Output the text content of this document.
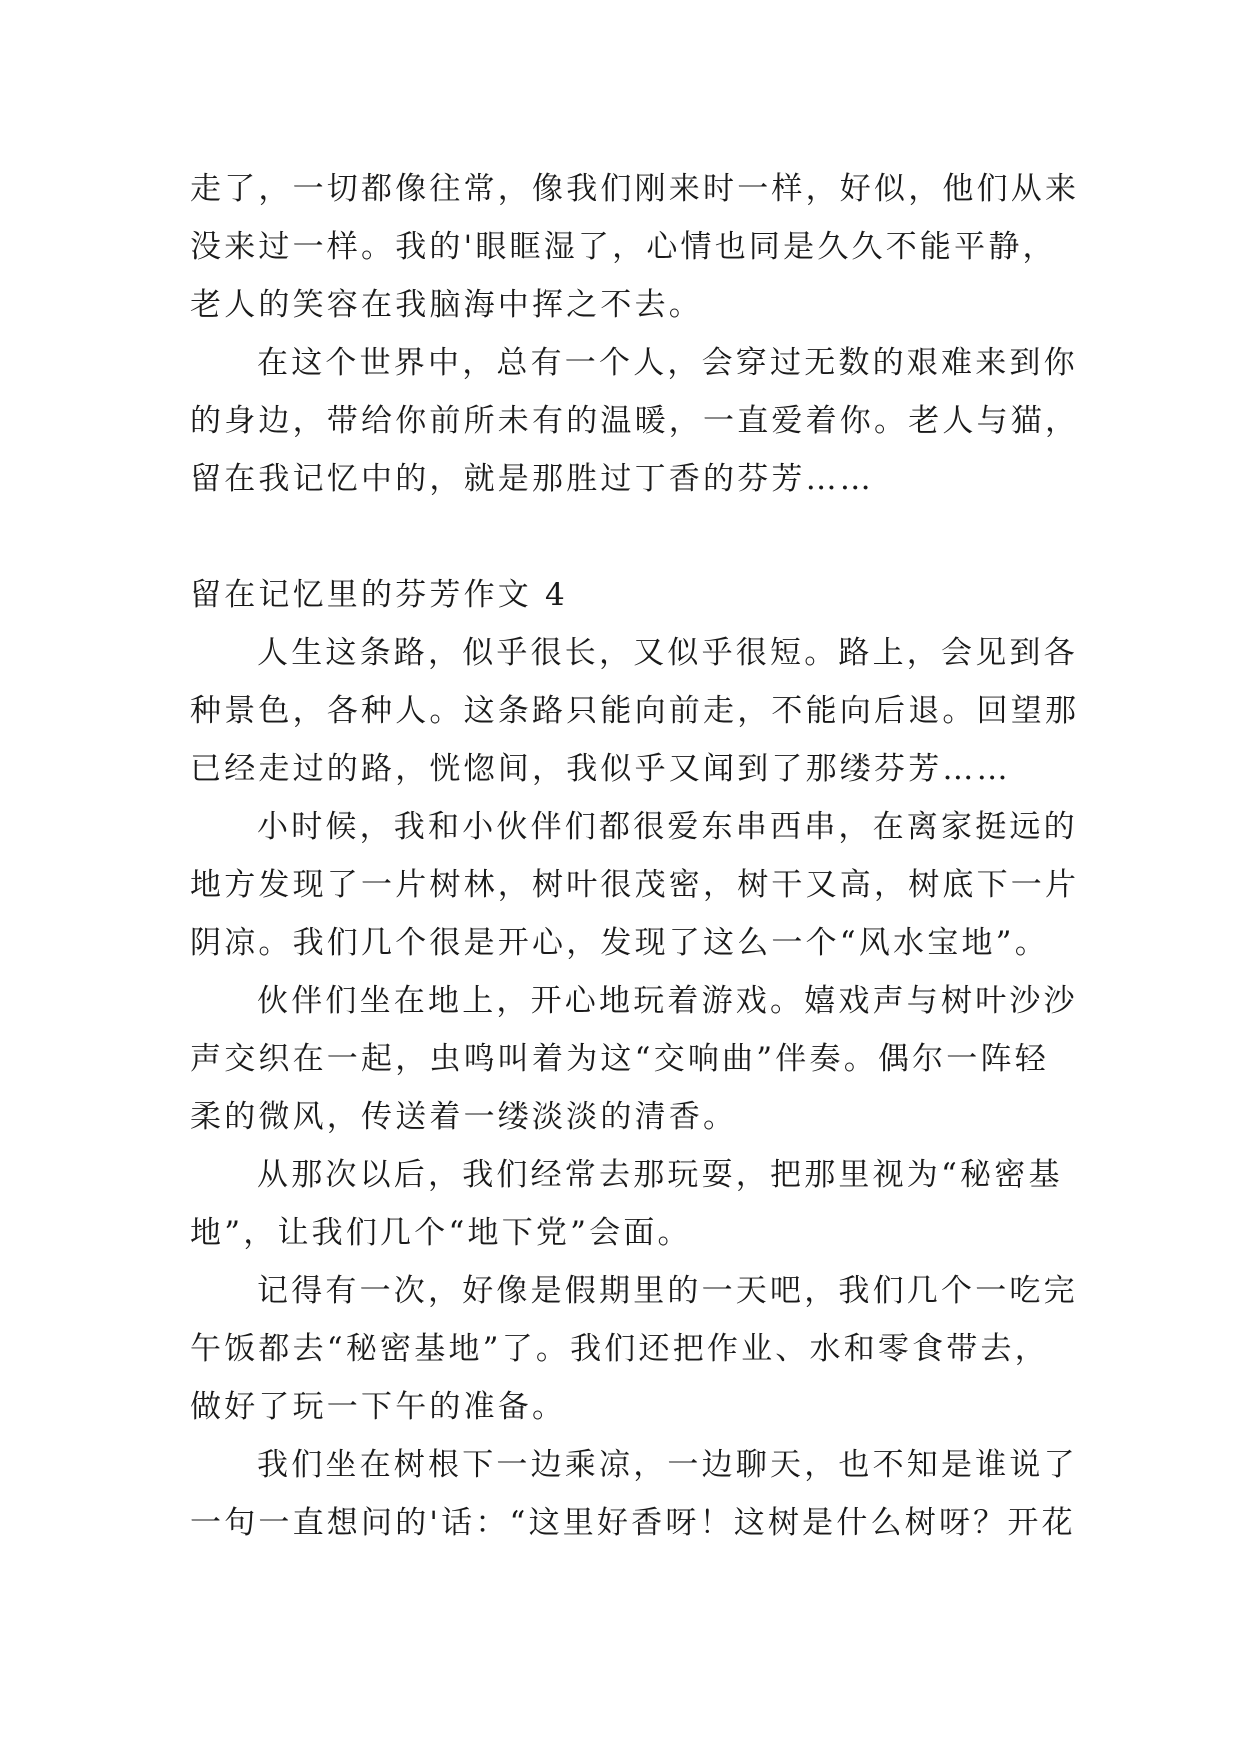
走了，一切都像往常，像我们刚来时一样，好似，他们从来
没来过一样。我的'眼眶湿了，心情也同是久久不能平静，
老人的笑容在我脑海中挥之不去。
在这个世界中，总有一个人，会穿过无数的艰难来到你
的身边，带给你前所未有的温暖，一直爱着你。老人与猫，
留在我记忆中的，就是那胜过丁香的芬芳……
留在记忆里的芬芳作文 4
人生这条路，似乎很长，又似乎很短。路上，会见到各
种景色，各种人。这条路只能向前走，不能向后退。回望那
已经走过的路，恍惚间，我似乎又闻到了那缕芬芳……
小时候，我和小伙伴们都很爱东串西串，在离家挺远的
地方发现了一片树林，树叶很茂密，树干又高，树底下一片
阴凉。我们几个很是开心，发现了这么一个“风水宝地”。
伙伴们坐在地上，开心地玩着游戏。嬉戏声与树叶沙沙
声交织在一起，虫鸣叫着为这“交响曲”伴奏。偶尔一阵轻
柔的微风，传送着一缕淡淡的清香。
从那次以后，我们经常去那玩耍，把那里视为“秘密基
地”，让我们几个“地下党”会面。
记得有一次，好像是假期里的一天吧，我们几个一吃完
午饭都去“秘密基地”了。我们还把作业、水和零食带去，
做好了玩一下午的准备。
我们坐在树根下一边乘凉，一边聊天，也不知是谁说了
一句一直想问的'话：“这里好香呀！这树是什么树呀？开花
